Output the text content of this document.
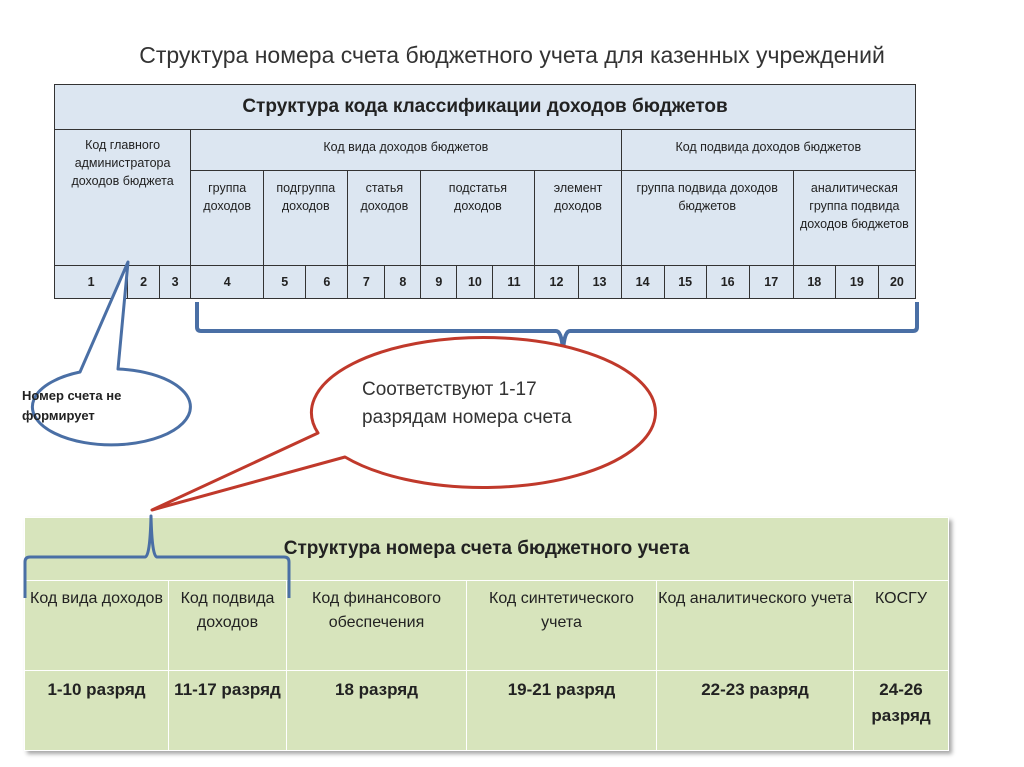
Структура номера счета бюджетного учета для казенных учреждений
Структура кода классификации доходов бюджетов																			
Код главного администратора доходов бюджета			Код вида доходов бюджетов										Код подвида доходов бюджетов						
			группа доходов	подгруппа доходов		статья доходов		подстатья доходов			элемент доходов		группа подвида доходов бюджетов				аналитическая группа подвида доходов бюджетов		
1	2	3	4	5	6	7	8	9	10	11	12	13	14	15	16	17	18	19	20
Номер счета не формирует
Соответствуют 1-17 разрядам номера счета
Структура номера счета бюджетного учета					
Код вида доходов	Код подвида доходов	Код финансового обеспечения	Код синтетического учета	Код аналитического учета	КОСГУ
1-10 разряд	11-17 разряд	18 разряд	19-21 разряд	22-23 разряд	24-26 разряд
